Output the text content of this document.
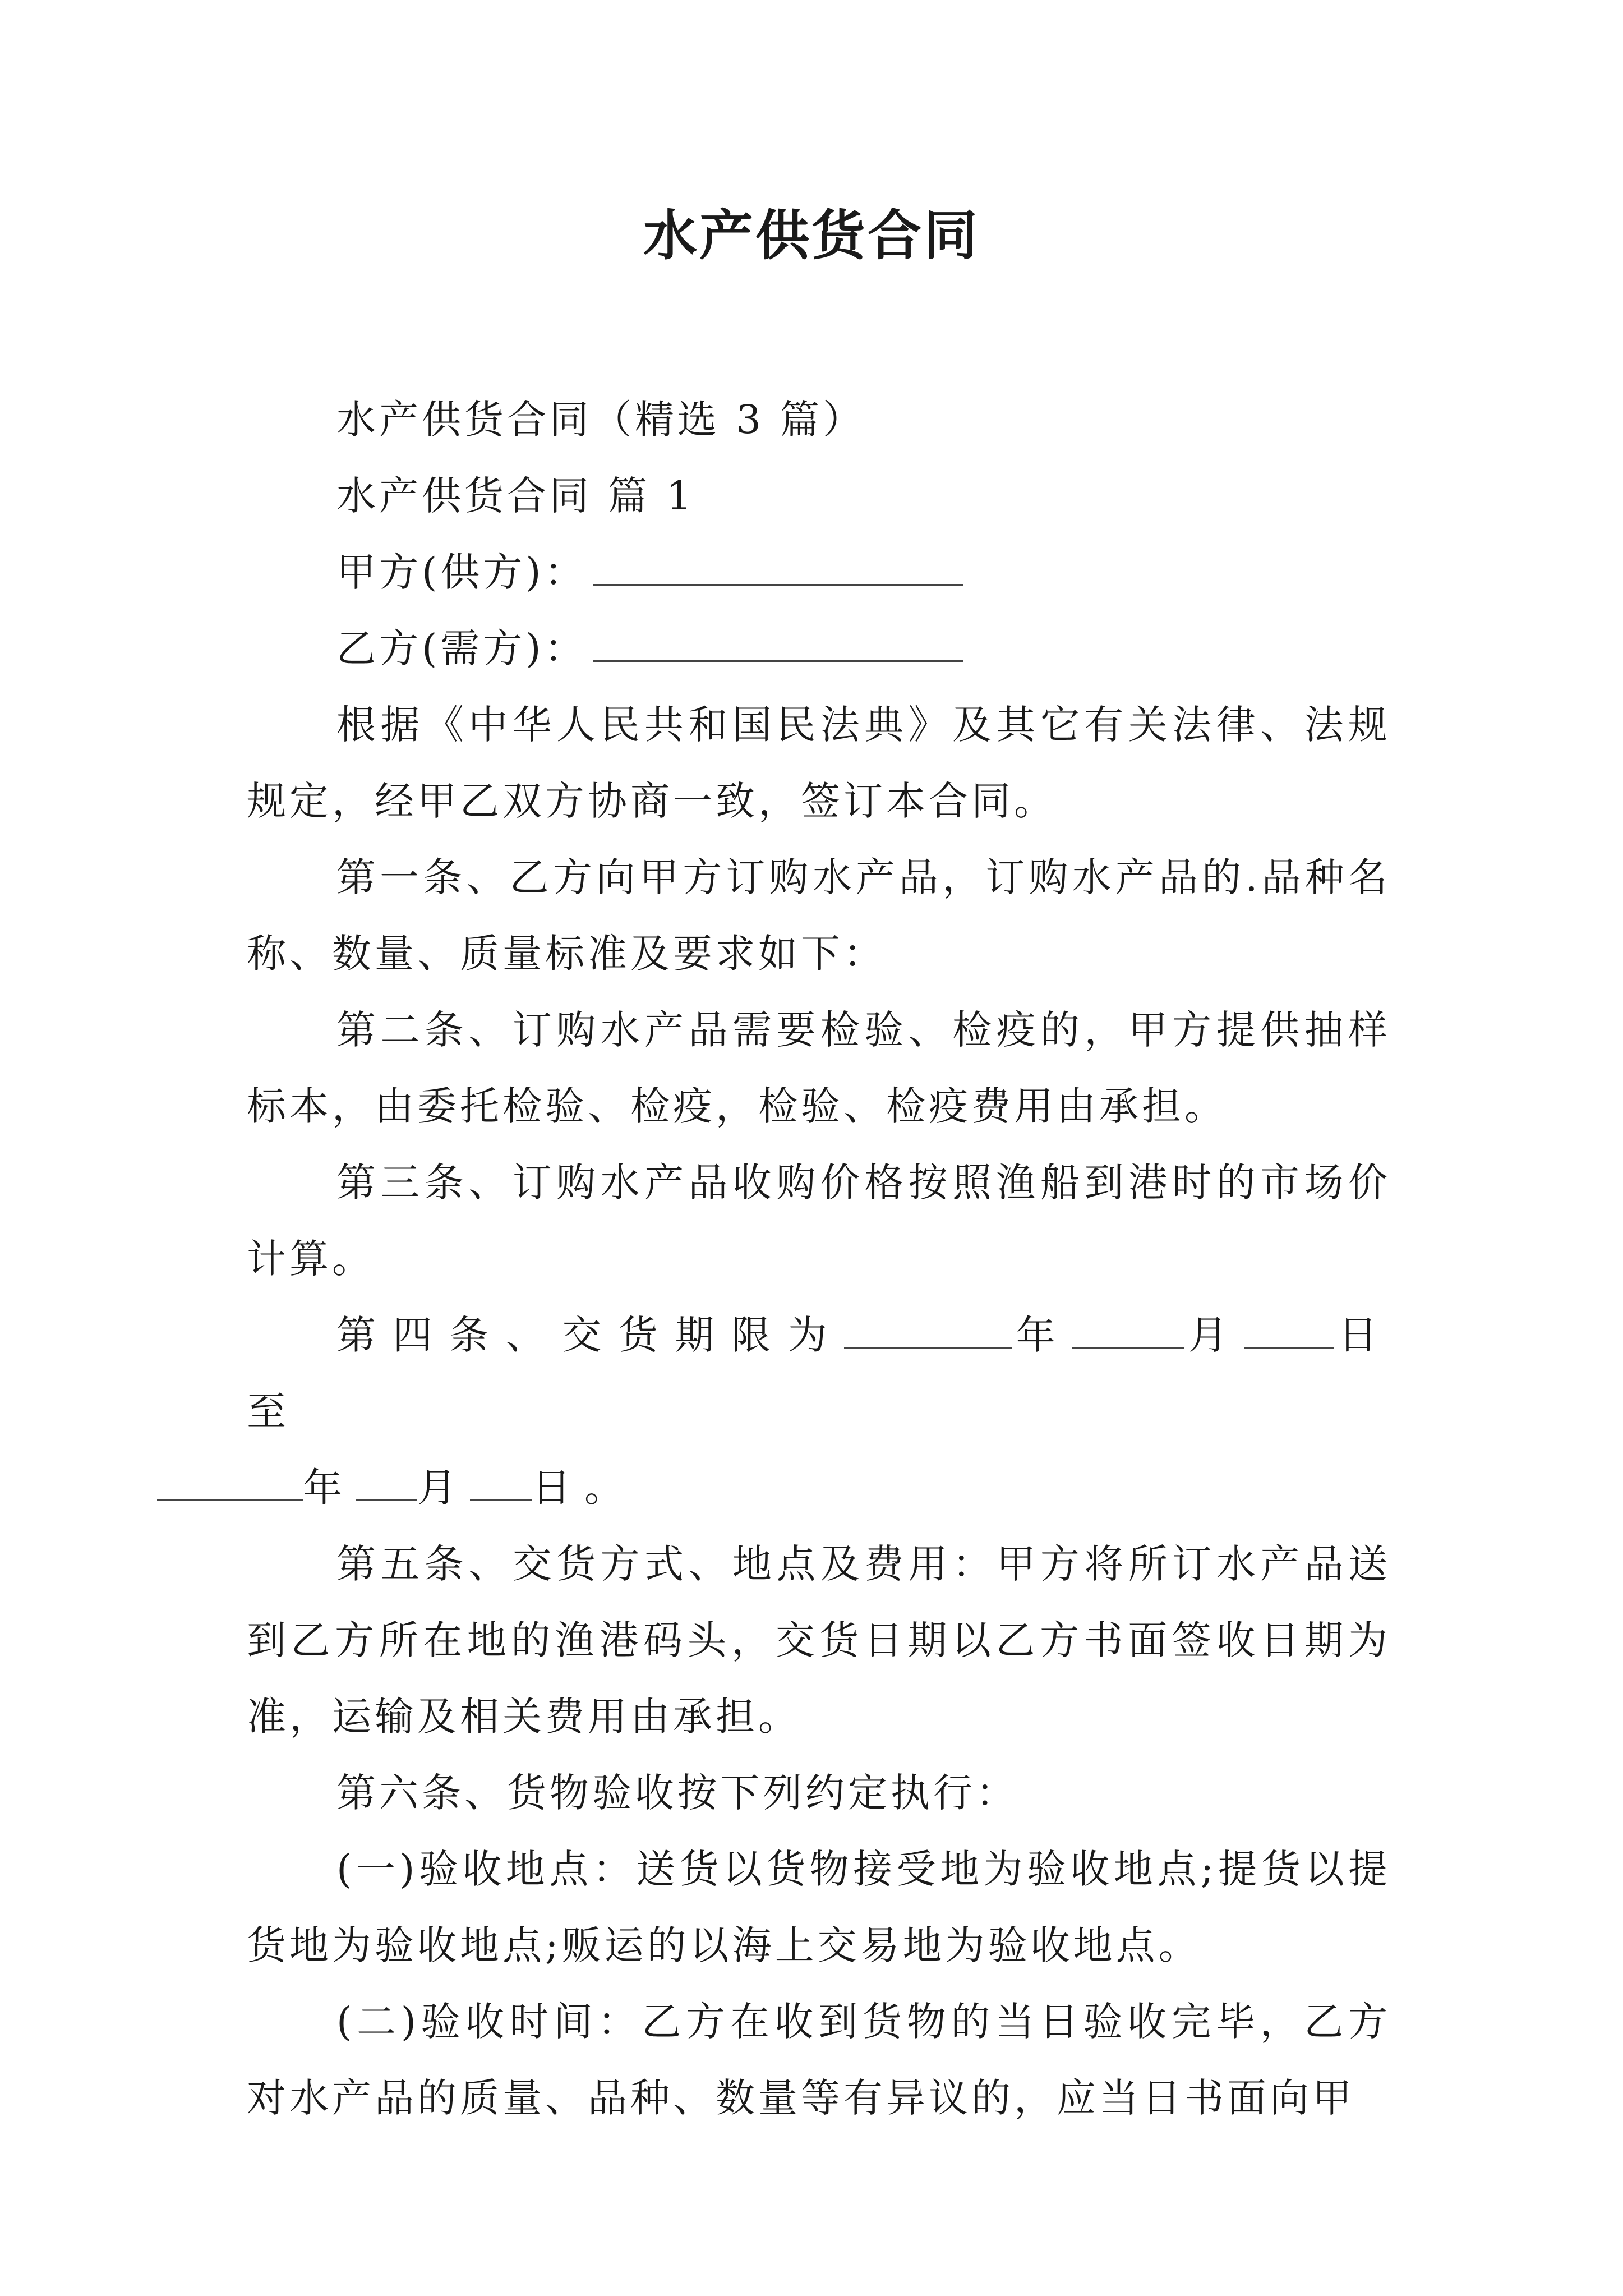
水产供货合同

水产供货合同（精选 3 篇）

水产供货合同 篇 1

甲方(供方)：

乙方(需方)：

根据《中华人民共和国民法典》及其它有关法律、法规规定，经甲乙双方协商一致，签订本合同。

第一条、乙方向甲方订购水产品，订购水产品的.品种名称、数量、质量标准及要求如下：

第二条、订购水产品需要检验、检疫的，甲方提供抽样标本，由委托检验、检疫，检验、检疫费用由承担。

第三条、订购水产品收购价格按照渔船到港时的市场价计算。

第四条、交货期限为	年	月 日至
年 月 日。

第五条、交货方式、地点及费用：甲方将所订水产品送到乙方所在地的渔港码头，交货日期以乙方书面签收日期为准，运输及相关费用由承担。

第六条、货物验收按下列约定执行：

(一)验收地点：送货以货物接受地为验收地点;提货以提货地为验收地点;贩运的以海上交易地为验收地点。

(二)验收时间：乙方在收到货物的当日验收完毕，乙方对水产品的质量、品种、数量等有异议的，应当日书面向甲
